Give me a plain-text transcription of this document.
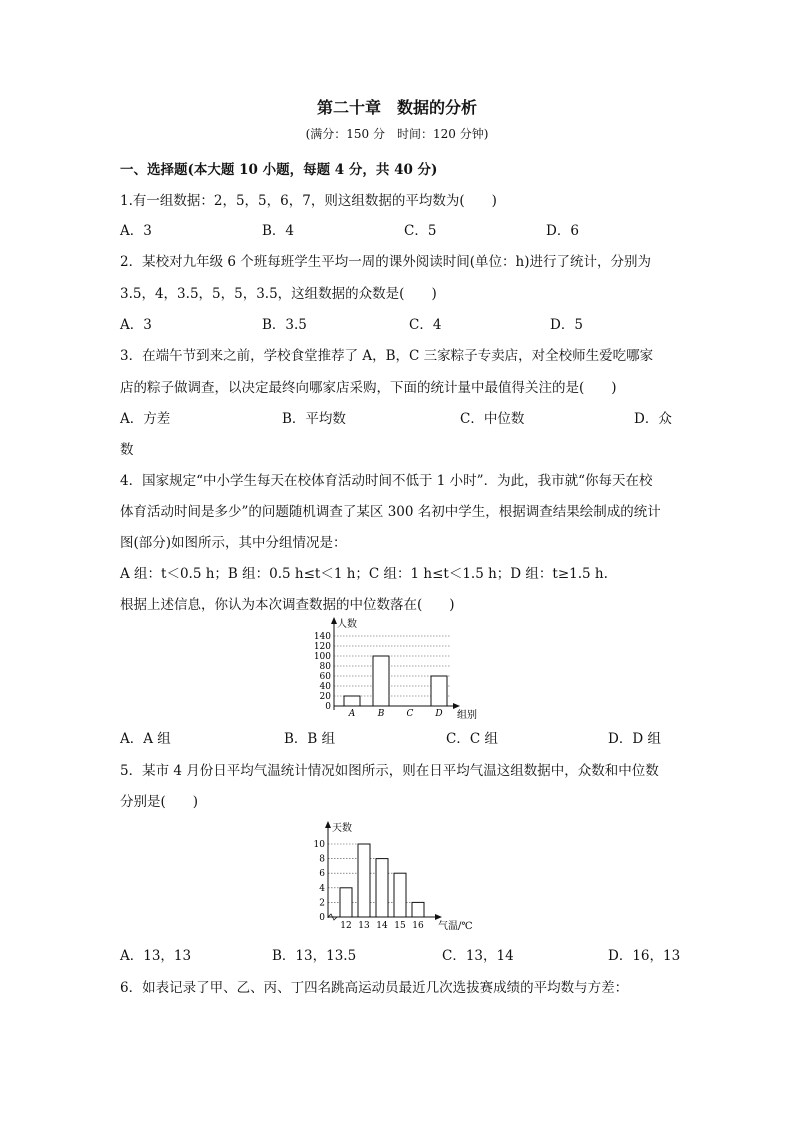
第二十章　数据的分析
(满分：150 分　时间：120 分钟)
一、选择题(本大题 10 小题，每题 4 分，共 40 分)
1.有一组数据：2，5，5，6，7，则这组数据的平均数为(　　)
A．3	B．4	C．5	D．6
2．某校对九年级 6 个班每班学生平均一周的课外阅读时间(单位：h)进行了统计，分别为
3.5，4，3.5，5，5，3.5，这组数据的众数是(　　)
A．3	B．3.5	C．4	D．5
3．在端午节到来之前，学校食堂推荐了 A，B，C 三家粽子专卖店，对全校师生爱吃哪家
店的粽子做调查，以决定最终向哪家店采购，下面的统计量中最值得关注的是(　　)
A．方差	B．平均数	C．中位数	D．众
数
4．国家规定“中小学生每天在校体育活动时间不低于 1 小时”．为此，我市就“你每天在校
体育活动时间是多少”的问题随机调查了某区 300 名初中学生，根据调查结果绘制成的统计
图(部分)如图所示，其中分组情况是：
A 组：t＜0.5 h；B 组：0.5 h≤t＜1 h；C 组：1 h≤t＜1.5 h；D 组：t≥1.5 h.
根据上述信息，你认为本次调查数据的中位数落在(　　)
0
20
40
60
80
100
120
140
A B C D
人数
组别
A．A 组	B．B 组	C．C 组	D．D 组
5．某市 4 月份日平均气温统计情况如图所示，则在日平均气温这组数据中，众数和中位数
分别是(　　)
0
2
4
6
8
10
12 13 14 15 16
天数
气温/℃
A．13，13	B．13，13.5	C．13，14	D．16，13
6．如表记录了甲、乙、丙、丁四名跳高运动员最近几次选拔赛成绩的平均数与方差：
